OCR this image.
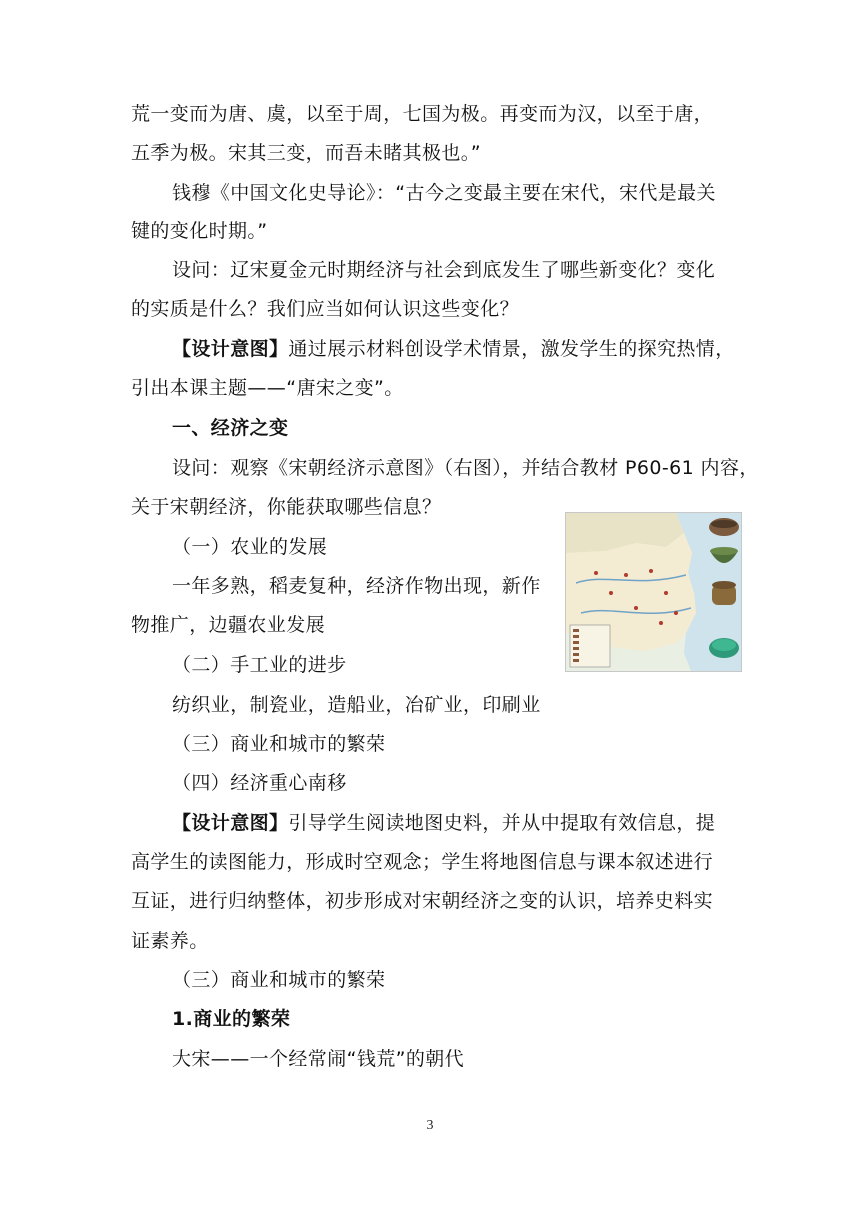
荒一变而为唐、虞，以至于周，七国为极。再变而为汉，以至于唐，
五季为极。宋其三变，而吾未睹其极也。”
钱穆《中国文化史导论》：“古今之变最主要在宋代，宋代是最关
键的变化时期。”
设问：辽宋夏金元时期经济与社会到底发生了哪些新变化？变化
的实质是什么？我们应当如何认识这些变化？
【设计意图】通过展示材料创设学术情景，激发学生的探究热情，
引出本课主题——“唐宋之变”。
一、经济之变
设问：观察《宋朝经济示意图》（右图），并结合教材 P60-61 内容，
关于宋朝经济，你能获取哪些信息？
（一）农业的发展
一年多熟，稻麦复种，经济作物出现，新作
物推广，边疆农业发展
（二）手工业的进步
纺织业，制瓷业，造船业，冶矿业，印刷业
（三）商业和城市的繁荣
（四）经济重心南移
【设计意图】引导学生阅读地图史料，并从中提取有效信息，提
高学生的读图能力，形成时空观念；学生将地图信息与课本叙述进行
互证，进行归纳整体，初步形成对宋朝经济之变的认识，培养史料实
证素养。
（三）商业和城市的繁荣
1.商业的繁荣
大宋——一个经常闹“钱荒”的朝代
3
